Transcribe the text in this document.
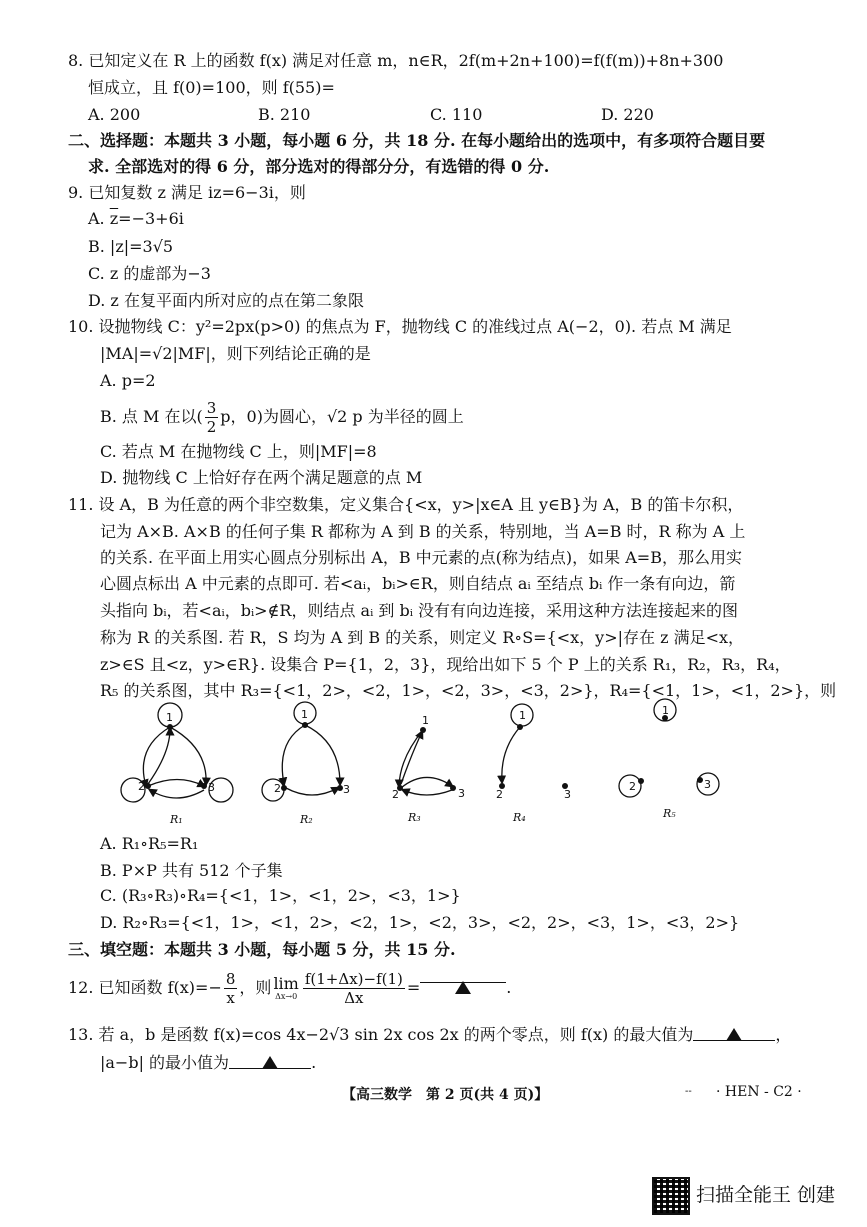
8. 已知定义在 R 上的函数 f(x) 满足对任意 m，n∈R，2f(m+2n+100)=f(f(m))+8n+300
恒成立，且 f(0)=100，则 f(55)=
A. 200	B. 210	C. 110	D. 220
二、选择题：本题共 3 小题，每小题 6 分，共 18 分. 在每小题给出的选项中，有多项符合题目要
求. 全部选对的得 6 分，部分选对的得部分分，有选错的得 0 分.
9. 已知复数 z 满足 iz=6−3i，则
A. $\overline{z}=-3+6i$
B. |z|=3√5
C. z 的虚部为−3
D. z 在复平面内所对应的点在第二象限
10. 设抛物线 C：y²=2px(p>0) 的焦点为 F，抛物线 C 的准线过点 A(−2，0). 若点 M 满足
|MA|=√2|MF|，则下列结论正确的是
A. p=2
B. 点 M 在以( $\frac{3}{2}$ p，0)为圆心，√2 p 为半径的圆上
C. 若点 M 在抛物线 C 上，则|MF|=8
D. 抛物线 C 上恰好存在两个满足题意的点 M
11. 设 A，B 为任意的两个非空数集，定义集合{<x，y>|x∈A 且 y∈B}为 A，B 的笛卡尔积，
记为 A×B. A×B 的任何子集 R 都称为 A 到 B 的关系，特别地，当 A=B 时，R 称为 A 上
的关系. 在平面上用实心圆点分别标出 A，B 中元素的点(称为结点)，如果 A=B，那么用实
心圆点标出 A 中元素的点即可. 若<aᵢ，bᵢ>∈R，则自结点 aᵢ 至结点 bᵢ 作一条有向边，箭
头指向 bᵢ，若<aᵢ，bᵢ>∉R，则结点 aᵢ 到 bᵢ 没有有向边连接，采用这种方法连接起来的图
称为 R 的关系图. 若 R，S 均为 A 到 B 的关系，则定义 R∘S={<x，y>|存在 z 满足<x，
z>∈S 且<z，y>∈R}. 设集合 P={1，2，3}，现给出如下 5 个 P 上的关系 R₁，R₂，R₃，R₄，
R₅ 的关系图，其中 R₃={<1，2>，<2，1>，<2，3>，<3，2>}，R₄={<1，1>，<1，2>}，则
1
2	3
1
2	3
1
2	3
1
2	3
1
2	3
R₁	R₂	R₃	R₄	R₅
A. R₁∘R₅=R₁
B. P×P 共有 512 个子集
C. (R₃∘R₃)∘R₄={<1，1>，<1，2>，<3，1>}
D. R₂∘R₃={<1，1>，<1，2>，<2，1>，<2，3>，<2，2>，<3，1>，<3，2>}
三、填空题：本题共 3 小题，每小题 5 分，共 15 分.
12. 已知函数 $f(x)=- \frac{8}{x}$ ，则 lim
$\Delta x\to 0 \frac{f(1+\Delta x)-f(1)}{\Delta x}$ =	.
13. 若 a，b 是函数 f(x)=cos 4x−2√3 sin 2x cos 2x 的两个零点，则 f(x) 的最大值为	，
|a−b| 的最小值为	.
【高三数学　第 2 页(共 4 页)】	-- · HEN - C2 ·
扫描全能王 创建
